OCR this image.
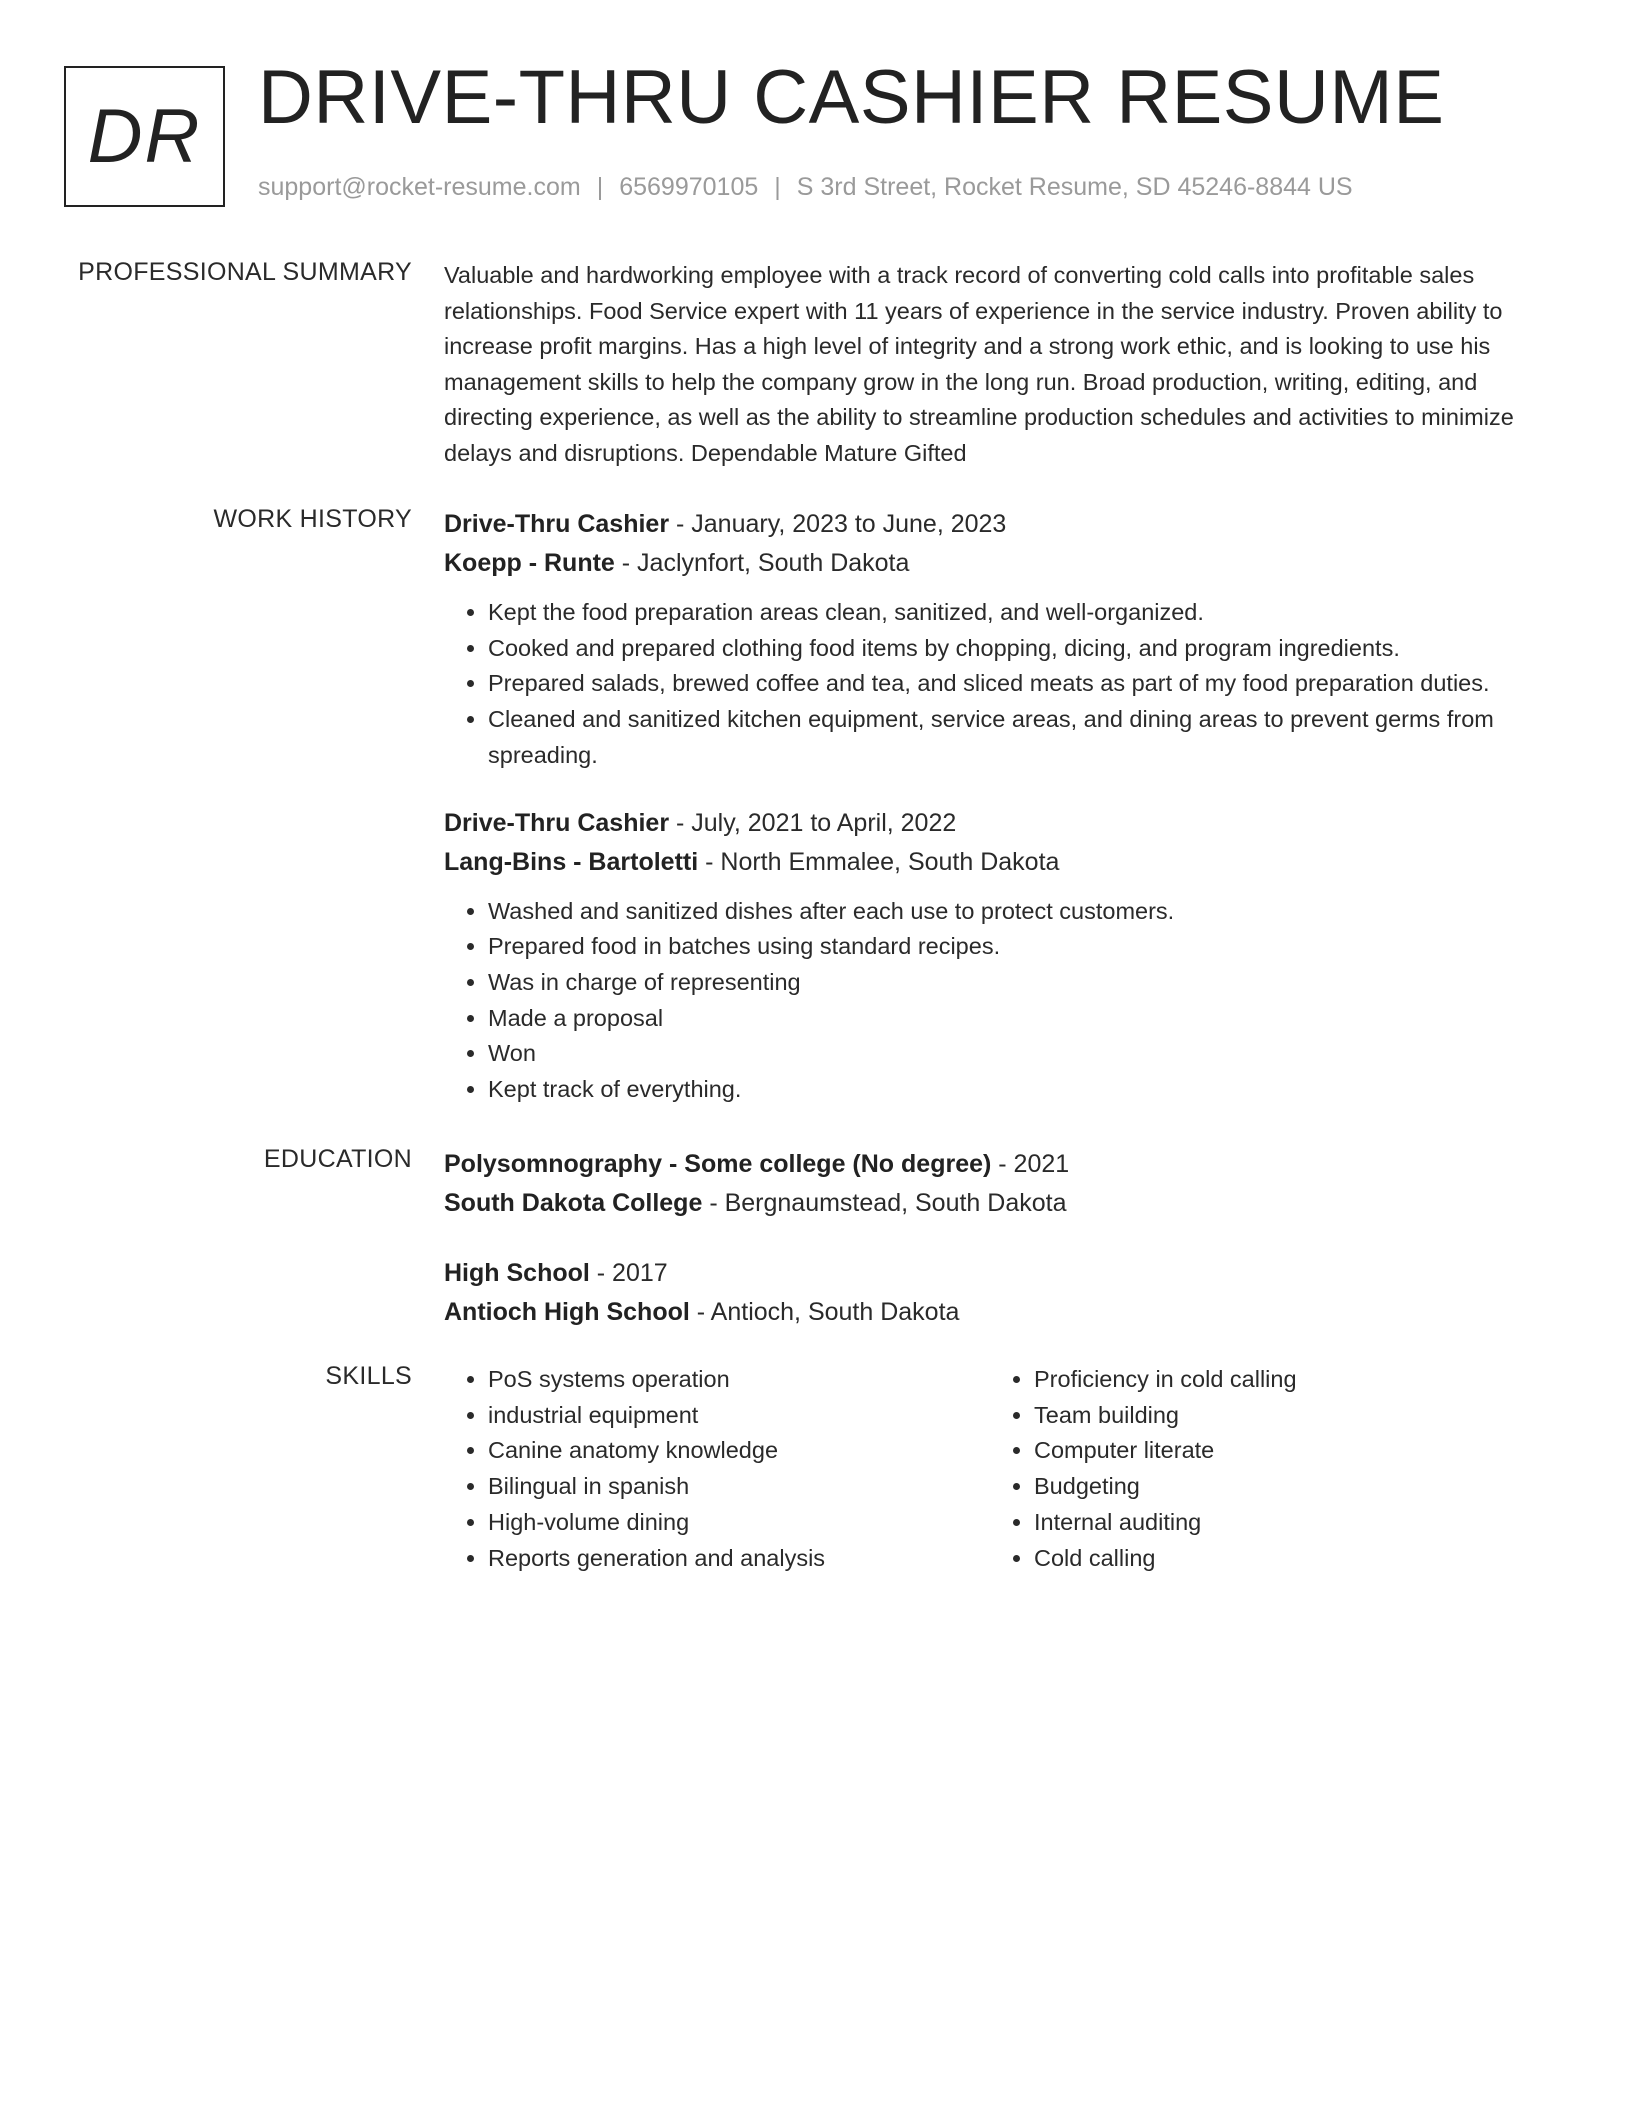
DR DRIVE-THRU CASHIER RESUME
support@rocket-resume.com | 6569970105 | S 3rd Street, Rocket Resume, SD 45246-8844 US
PROFESSIONAL SUMMARY Valuable and hardworking employee with a track record of converting cold calls into profitable sales relationships. Food Service expert with 11 years of experience in the service industry. Proven ability to increase profit margins. Has a high level of integrity and a strong work ethic, and is looking to use his management skills to help the company grow in the long run. Broad production, writing, editing, and directing experience, as well as the ability to streamline production schedules and activities to minimize delays and disruptions. Dependable Mature Gifted

WORK HISTORY Drive-Thru Cashier - January, 2023 to June, 2023

Koepp - Runte - Jaclynfort, South Dakota

• Kept the food preparation areas clean, sanitized, and well-organized.
• Cooked and prepared clothing food items by chopping, dicing, and program ingredients.
• Prepared salads, brewed coffee and tea, and sliced meats as part of my food preparation duties.
• Cleaned and sanitized kitchen equipment, service areas, and dining areas to prevent germs from spreading.

Drive-Thru Cashier - July, 2021 to April, 2022

Lang-Bins - Bartoletti - North Emmalee, South Dakota

• Washed and sanitized dishes after each use to protect customers.
• Prepared food in batches using standard recipes.
• Was in charge of representing
• Made a proposal
• Won
• Kept track of everything.
EDUCATION Polysomnography - Some college (No degree) - 2021

South Dakota College - Bergnaumstead, South Dakota

High School - 2017

Antioch High School - Antioch, South Dakota

SKILLS
•	PoS systems operation
• industrial equipment
• Canine anatomy knowledge
• Bilingual in spanish
• High-volume dining
• Reports generation and analysis
• Proficiency in cold calling
• Team building
• Computer literate
• Budgeting
• Internal auditing
• Cold calling
